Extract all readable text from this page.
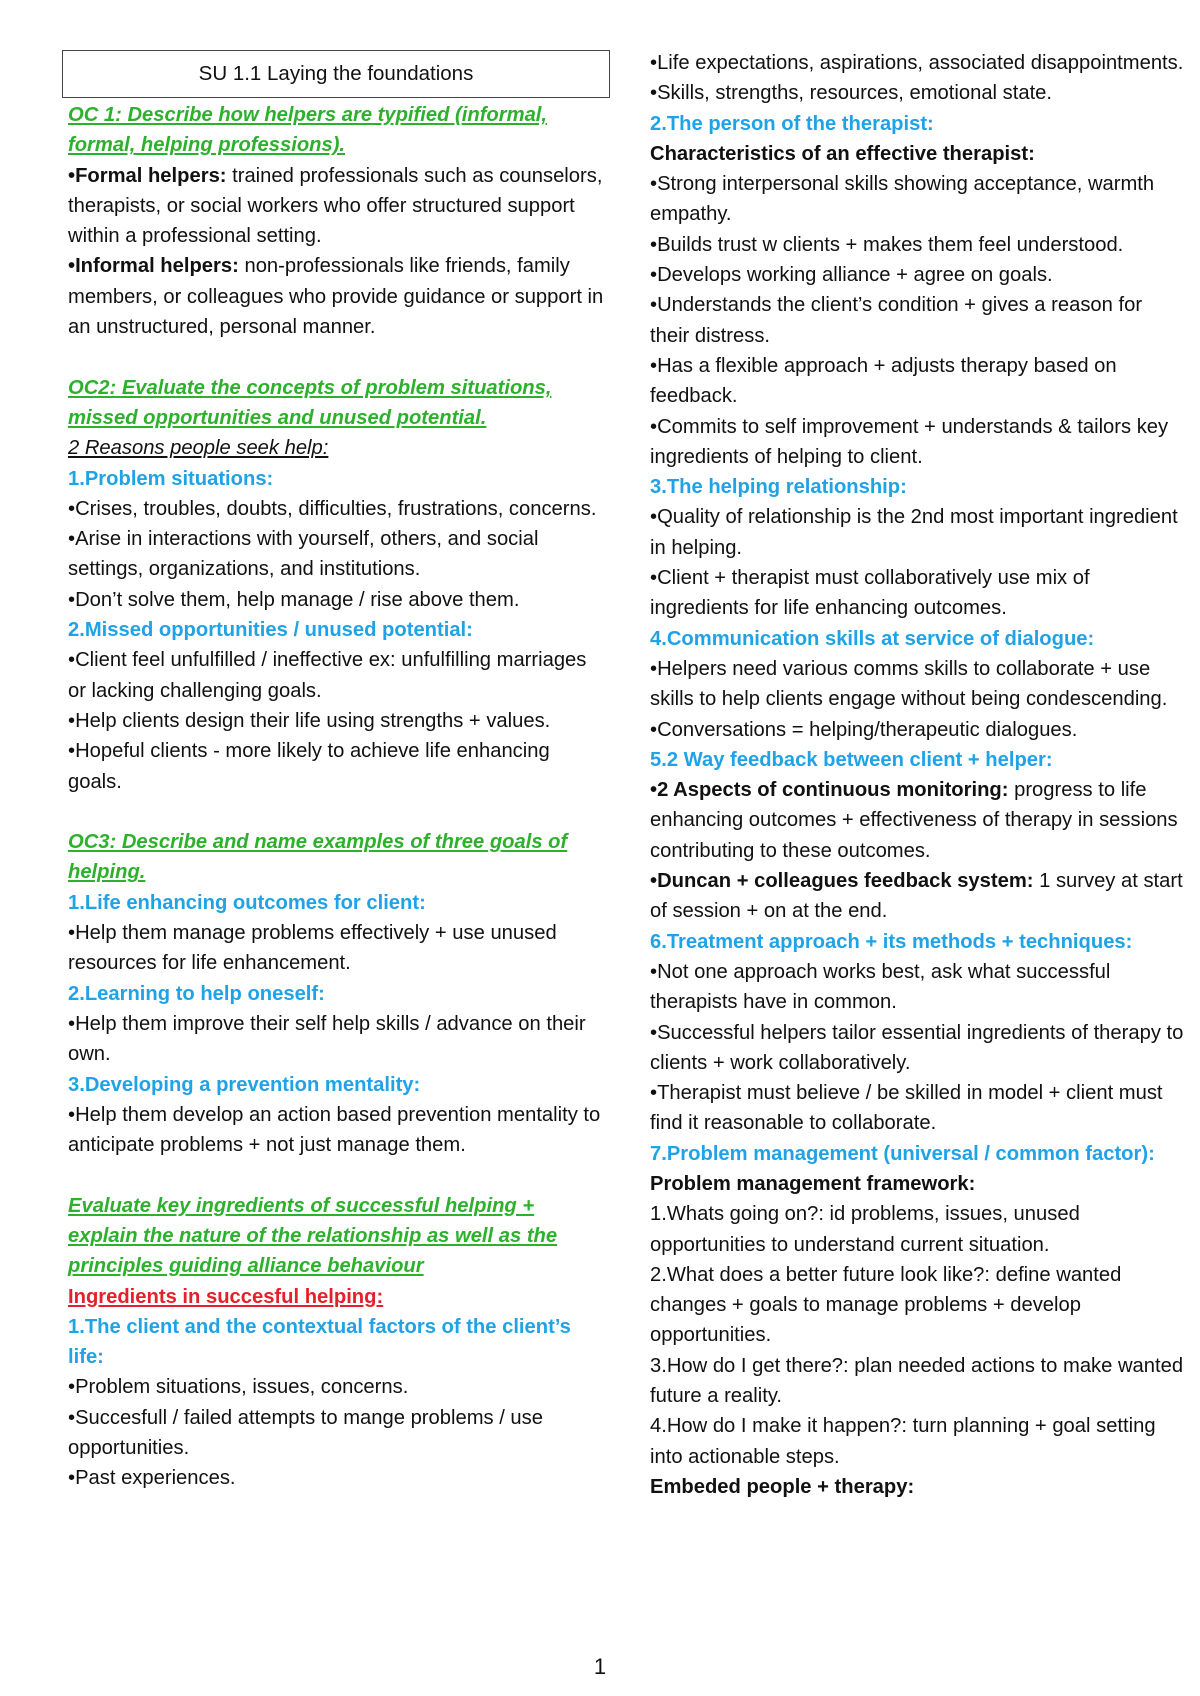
SU 1.1 Laying the foundations
OC 1: Describe how helpers are typified (informal, formal, helping professions).
•Formal helpers: trained professionals such as counselors, therapists, or social workers who offer structured support within a professional setting.
•Informal helpers: non-professionals like friends, family members, or colleagues who provide guidance or support in an unstructured, personal manner.
OC2: Evaluate the concepts of problem situations, missed opportunities and unused potential.
2 Reasons people seek help:
1.Problem situations:
•Crises, troubles, doubts, difficulties, frustrations, concerns.
•Arise in interactions with yourself, others, and social settings, organizations, and institutions.
•Don’t solve them, help manage / rise above them.
2.Missed opportunities / unused potential:
•Client feel unfulfilled / ineffective ex: unfulfilling marriages or lacking challenging goals.
•Help clients design their life using strengths + values.
•Hopeful clients - more likely to achieve life enhancing goals.
OC3: Describe and name examples of three goals of helping.
1.Life enhancing outcomes for client:
•Help them manage problems effectively + use unused resources for life enhancement.
2.Learning to help oneself:
•Help them improve their self help skills / advance on their own.
3.Developing a prevention mentality:
•Help them develop an action based prevention mentality to anticipate problems + not just manage them.
Evaluate key ingredients of successful helping + explain the nature of the relationship as well as the principles guiding alliance behaviour
Ingredients in succesful helping:
1.The client and the contextual factors of the client’s life:
•Problem situations, issues, concerns.
•Succesfull / failed attempts to mange problems / use opportunities.
•Past experiences.
•Life expectations, aspirations, associated disappointments.
•Skills, strengths, resources, emotional state.
2.The person of the therapist:
Characteristics of an effective therapist:
•Strong interpersonal skills showing acceptance, warmth empathy.
•Builds trust w clients + makes them feel understood.
•Develops working alliance + agree on goals.
•Understands the client’s condition + gives a reason for their distress.
•Has a flexible approach + adjusts therapy based on feedback.
•Commits to self improvement + understands & tailors key ingredients of helping to client.
3.The helping relationship:
•Quality of relationship is the 2nd most important ingredient in helping.
•Client + therapist must collaboratively use mix of ingredients for life enhancing outcomes.
4.Communication skills at service of dialogue:
•Helpers need various comms skills to collaborate + use skills to help clients engage without being condescending.
•Conversations = helping/therapeutic dialogues.
5.2 Way feedback between client + helper:
•2 Aspects of continuous monitoring: progress to life enhancing outcomes + effectiveness of therapy in sessions contributing to these outcomes.
•Duncan + colleagues feedback system: 1 survey at start of session + on at the end.
6.Treatment approach + its methods + techniques:
•Not one approach works best, ask what successful therapists have in common.
•Successful helpers tailor essential ingredients of therapy to clients + work collaboratively.
•Therapist must believe / be skilled in model + client must find it reasonable to collaborate.
7.Problem management (universal / common factor):
Problem management framework:
1.Whats going on?: id problems, issues, unused opportunities to understand current situation.
2.What does a better future look like?: define wanted changes + goals to manage problems + develop opportunities.
3.How do I get there?: plan needed actions to make wanted future a reality.
4.How do I make it happen?: turn planning + goal setting into actionable steps.
Embeded people + therapy:
1
